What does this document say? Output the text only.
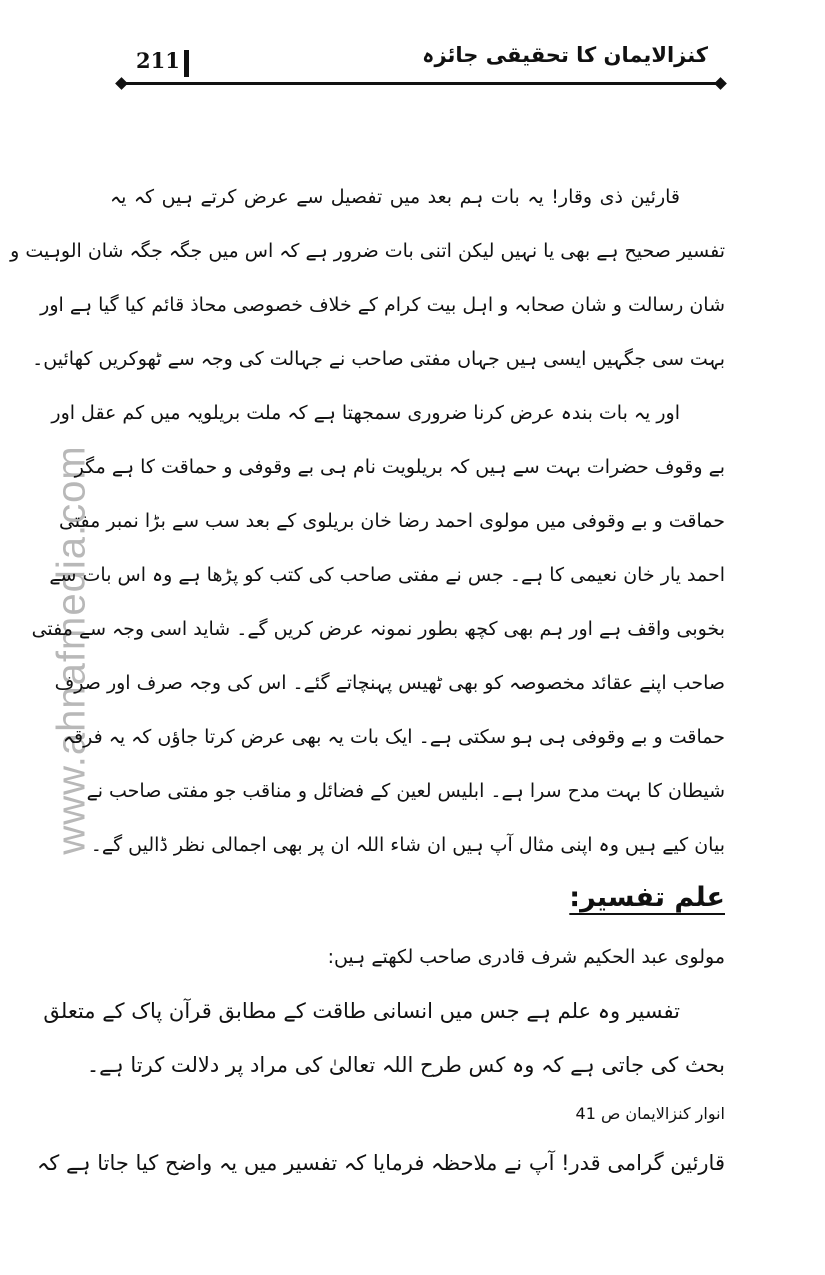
211	کنزالایمان کا تحقیقی جائزہ
www.ahnafmedia.com
قارئین ذی وقار! یہ بات ہم بعد میں تفصیل سے عرض کرتے ہیں کہ یہ
تفسیر صحیح ہے بھی یا نہیں لیکن اتنی بات ضرور ہے کہ اس میں جگہ جگہ شان الوہیت و
شان رسالت و شان صحابہ و اہل بیت کرام کے خلاف خصوصی محاذ قائم کیا گیا ہے اور
بہت سی جگہیں ایسی ہیں جہاں مفتی صاحب نے جہالت کی وجہ سے ٹھوکریں کھائیں۔
اور یہ بات بندہ عرض کرنا ضروری سمجھتا ہے کہ ملت بریلویہ میں کم عقل اور
بے وقوف حضرات بہت سے ہیں کہ بریلویت نام ہی بے وقوفی و حماقت کا ہے مگر
حماقت و بے وقوفی میں مولوی احمد رضا خان بریلوی کے بعد سب سے بڑا نمبر مفتی
احمد یار خان نعیمی کا ہے۔ جس نے مفتی صاحب کی کتب کو پڑھا ہے وہ اس بات سے
بخوبی واقف ہے اور ہم بھی کچھ بطور نمونہ عرض کریں گے۔ شاید اسی وجہ سے مفتی
صاحب اپنے عقائد مخصوصہ کو بھی ٹھیس پہنچاتے گئے۔ اس کی وجہ صرف اور صرف
حماقت و بے وقوفی ہی ہو سکتی ہے۔ ایک بات یہ بھی عرض کرتا جاؤں کہ یہ فرقہ
شیطان کا بہت مدح سرا ہے۔ ابلیس لعین کے فضائل و مناقب جو مفتی صاحب نے
بیان کیے ہیں وہ اپنی مثال آپ ہیں ان شاء اللہ ان پر بھی اجمالی نظر ڈالیں گے۔
علم تفسیر:
مولوی عبد الحکیم شرف قادری صاحب لکھتے ہیں:
تفسیر وہ علم ہے جس میں انسانی طاقت کے مطابق قرآن پاک کے متعلق
بحث کی جاتی ہے کہ وہ کس طرح اللہ تعالیٰ کی مراد پر دلالت کرتا ہے۔
انوار کنزالایمان ص 41
قارئین گرامی قدر! آپ نے ملاحظہ فرمایا کہ تفسیر میں یہ واضح کیا جاتا ہے کہ
